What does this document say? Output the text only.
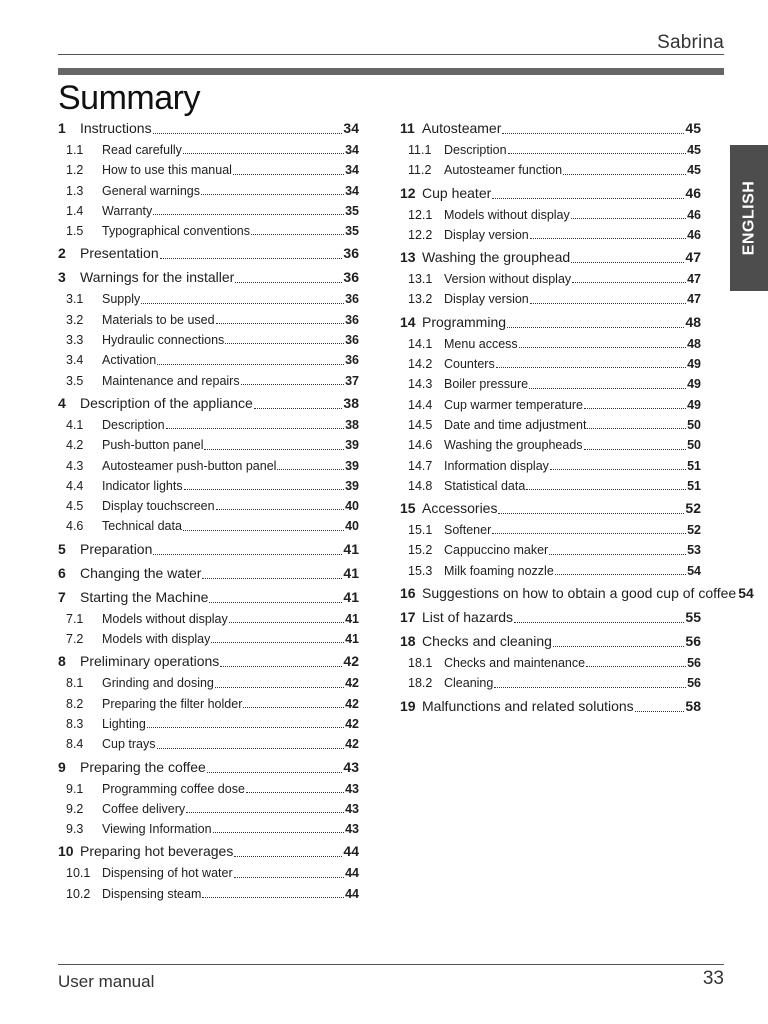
Sabrina
Summary
ENGLISH
1	Instructions	34
1.1	Read carefully	34
1.2	How to use this manual	34
1.3	General warnings	34
1.4	Warranty	35
1.5	Typographical conventions	35
2	Presentation	36
3	Warnings for the installer	36
3.1	Supply	36
3.2	Materials to be used	36
3.3	Hydraulic connections	36
3.4	Activation	36
3.5	Maintenance and repairs	37
4	Description of the appliance	38
4.1	Description	38
4.2	Push-button panel	39
4.3	Autosteamer push-button panel	39
4.4	Indicator lights	39
4.5	Display touchscreen	40
4.6	Technical data	40
5	Preparation	41
6	Changing the water	41
7	Starting the Machine	41
7.1	Models without display	41
7.2	Models with display	41
8	Preliminary operations	42
8.1	Grinding and dosing	42
8.2	Preparing the filter holder	42
8.3	Lighting	42
8.4	Cup trays	42
9	Preparing the coffee	43
9.1	Programming coffee dose	43
9.2	Coffee delivery	43
9.3	Viewing Information	43
10 Preparing hot beverages	44
10.1 Dispensing of hot water	44
10.2 Dispensing steam	44
11 Autosteamer	45
11.1	Description	45
11.2	Autosteamer function	45
12 Cup heater	46
12.1 Models without display	46
12.2 Display version	46
13 Washing the grouphead	47
13.1 Version without display	47
13.2 Display version	47
14 Programming	48
14.1 Menu access	48
14.2 Counters	49
14.3 Boiler pressure	49
14.4 Cup warmer temperature	49
14.5 Date and time adjustment	50
14.6 Washing the groupheads	50
14.7 Information display	51
14.8 Statistical data	51
15 Accessories	52
15.1 Softener	52
15.2 Cappuccino maker	53
15.3 Milk foaming nozzle	54
16 Suggestions on how to obtain a good cup of coffee 54
17 List of hazards	55
18 Checks and cleaning	56
18.1 Checks and maintenance	56
18.2 Cleaning	56
19 Malfunctions and related solutions	58
User manual	33
